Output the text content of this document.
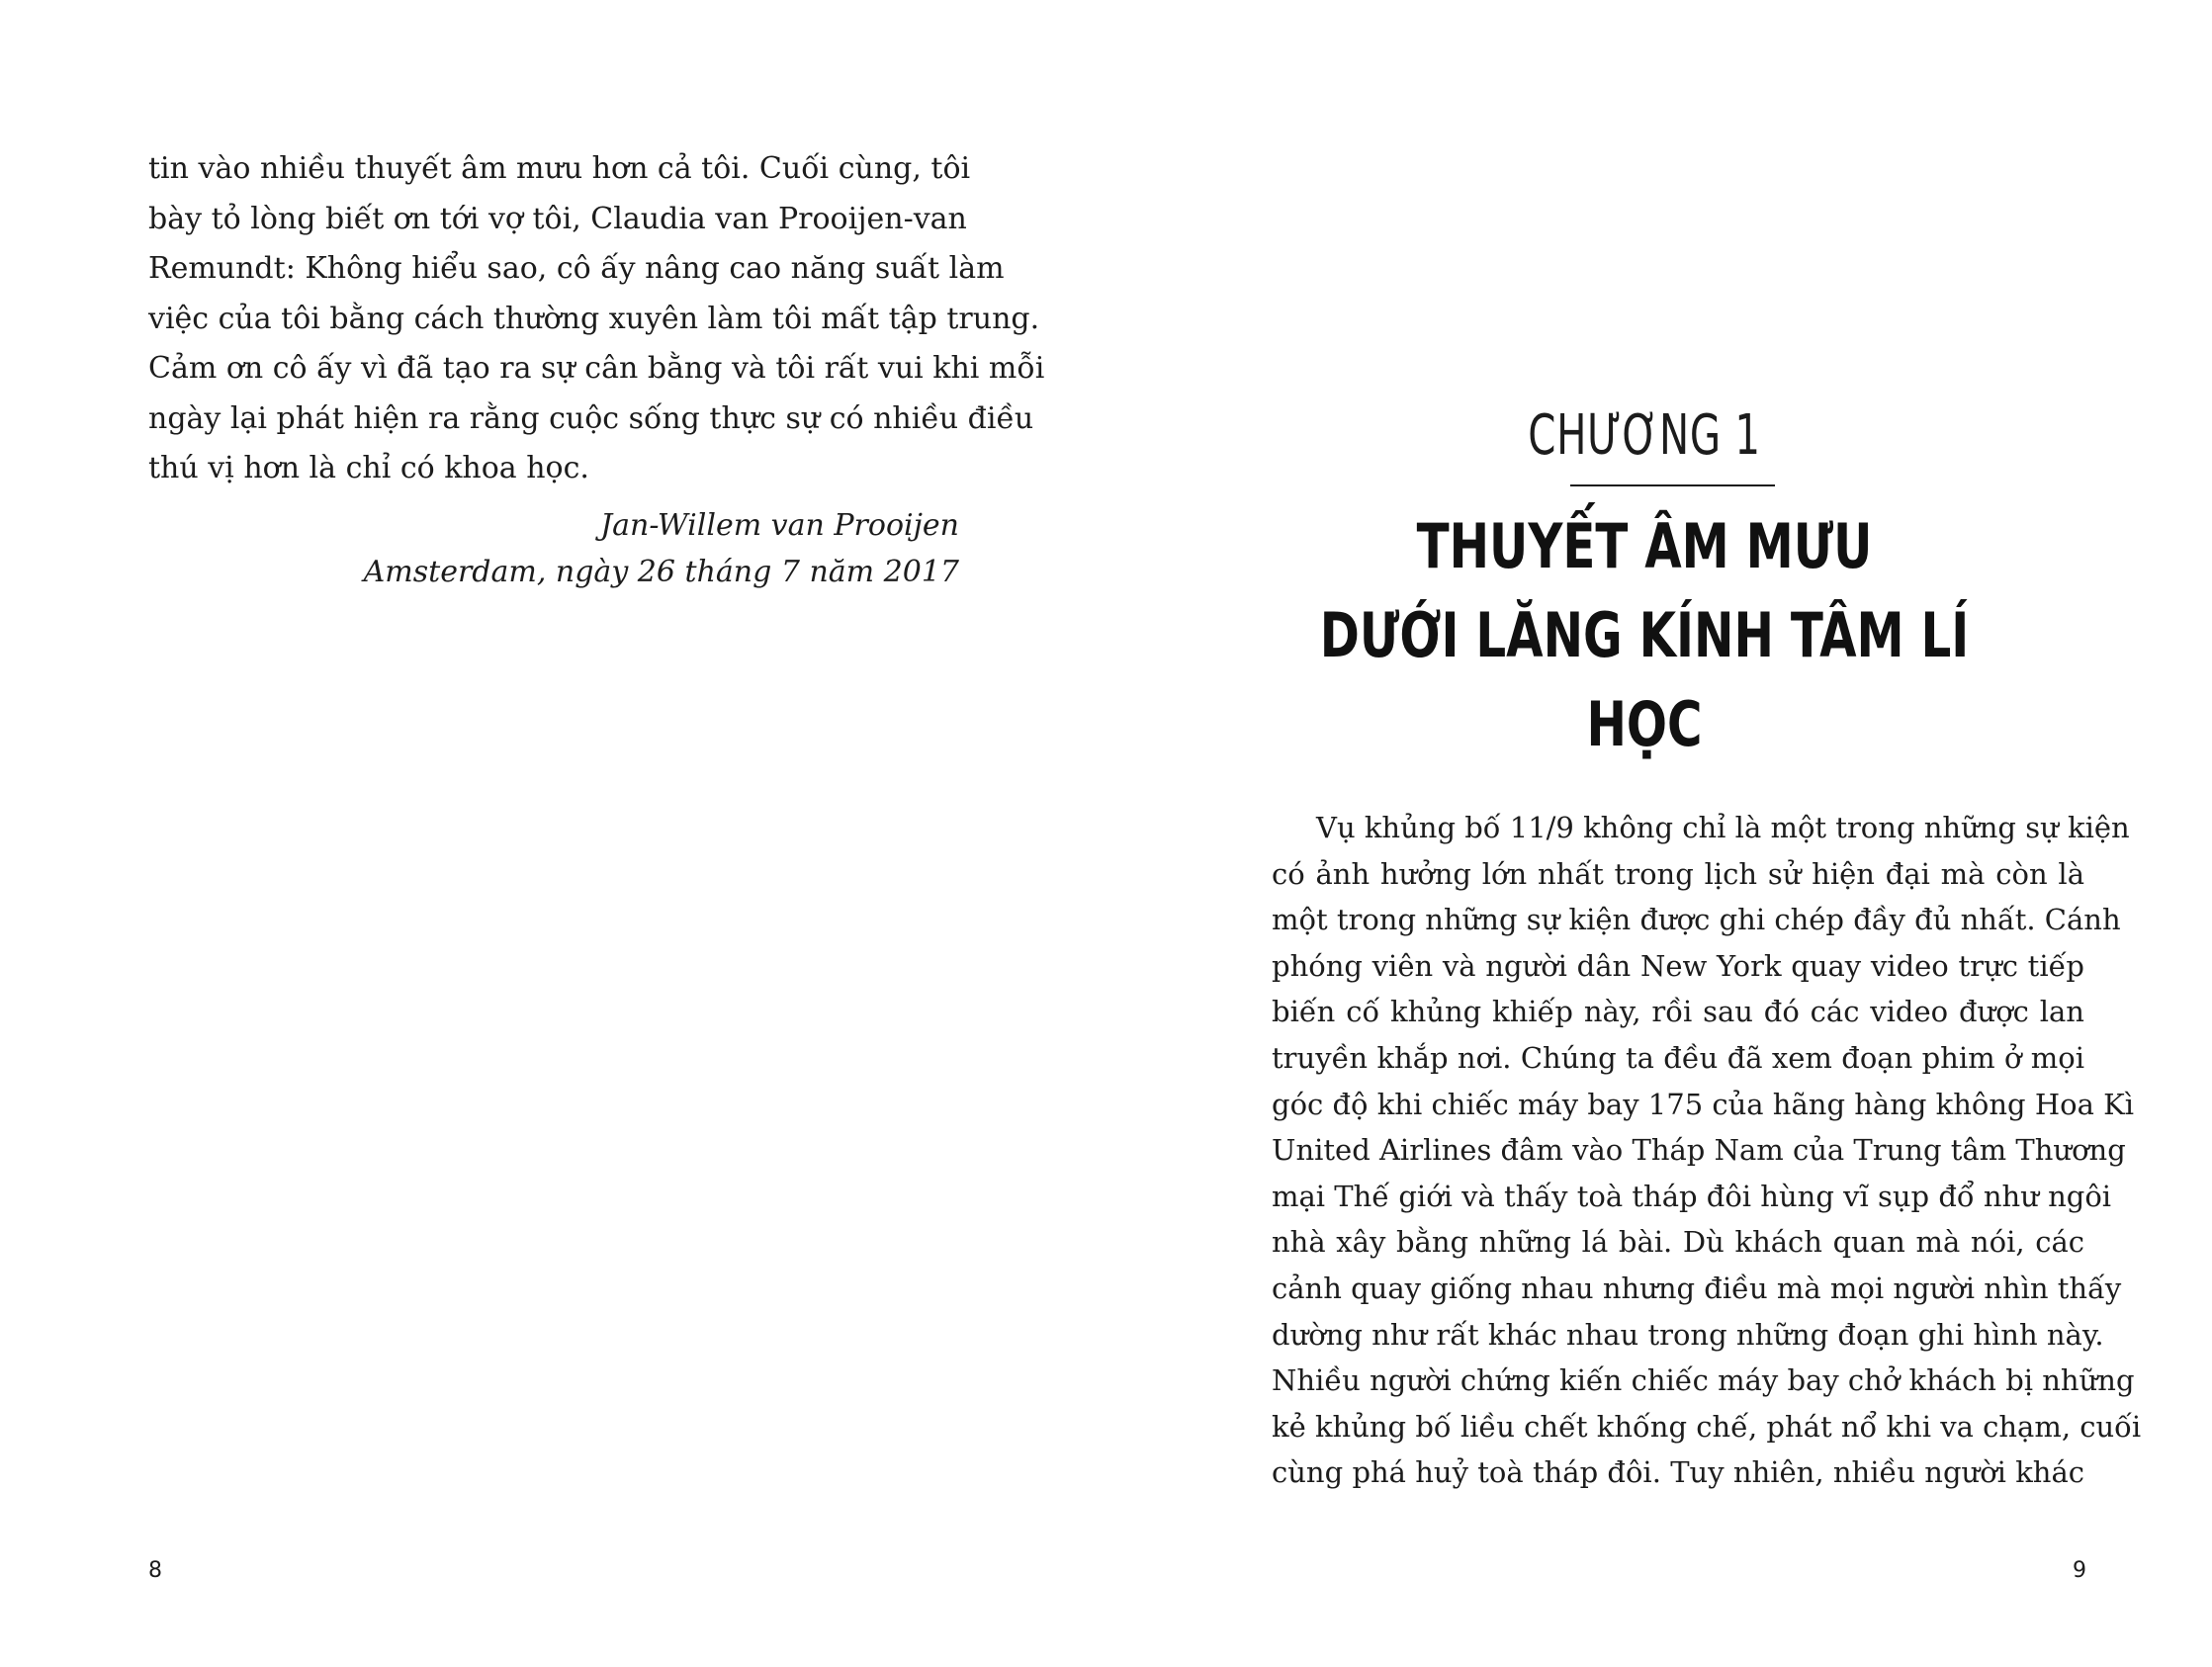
tin vào nhiều thuyết âm mưu hơn cả tôi. Cuối cùng, tôi
bày tỏ lòng biết ơn tới vợ tôi, Claudia van Prooijen-van
Remundt: Không hiểu sao, cô ấy nâng cao năng suất làm
việc của tôi bằng cách thường xuyên làm tôi mất tập trung.
Cảm ơn cô ấy vì đã tạo ra sự cân bằng và tôi rất vui khi mỗi
ngày lại phát hiện ra rằng cuộc sống thực sự có nhiều điều
thú vị hơn là chỉ có khoa học.
Jan-Willem van Prooijen
Amsterdam, ngày 26 tháng 7 năm 2017
8
CHƯƠNG 1
THUYẾT ÂM MƯU
DƯỚI LĂNG KÍNH TÂM LÍ HỌC
Vụ khủng bố 11/9 không chỉ là một trong những sự kiện
có ảnh hưởng lớn nhất trong lịch sử hiện đại mà còn là
một trong những sự kiện được ghi chép đầy đủ nhất. Cánh
phóng viên và người dân New York quay video trực tiếp
biến cố khủng khiếp này, rồi sau đó các video được lan
truyền khắp nơi. Chúng ta đều đã xem đoạn phim ở mọi
góc độ khi chiếc máy bay 175 của hãng hàng không Hoa Kì
United Airlines đâm vào Tháp Nam của Trung tâm Thương
mại Thế giới và thấy toà tháp đôi hùng vĩ sụp đổ như ngôi
nhà xây bằng những lá bài. Dù khách quan mà nói, các
cảnh quay giống nhau nhưng điều mà mọi người nhìn thấy
dường như rất khác nhau trong những đoạn ghi hình này.
Nhiều người chứng kiến chiếc máy bay chở khách bị những
kẻ khủng bố liều chết khống chế, phát nổ khi va chạm, cuối
cùng phá huỷ toà tháp đôi. Tuy nhiên, nhiều người khác
9
